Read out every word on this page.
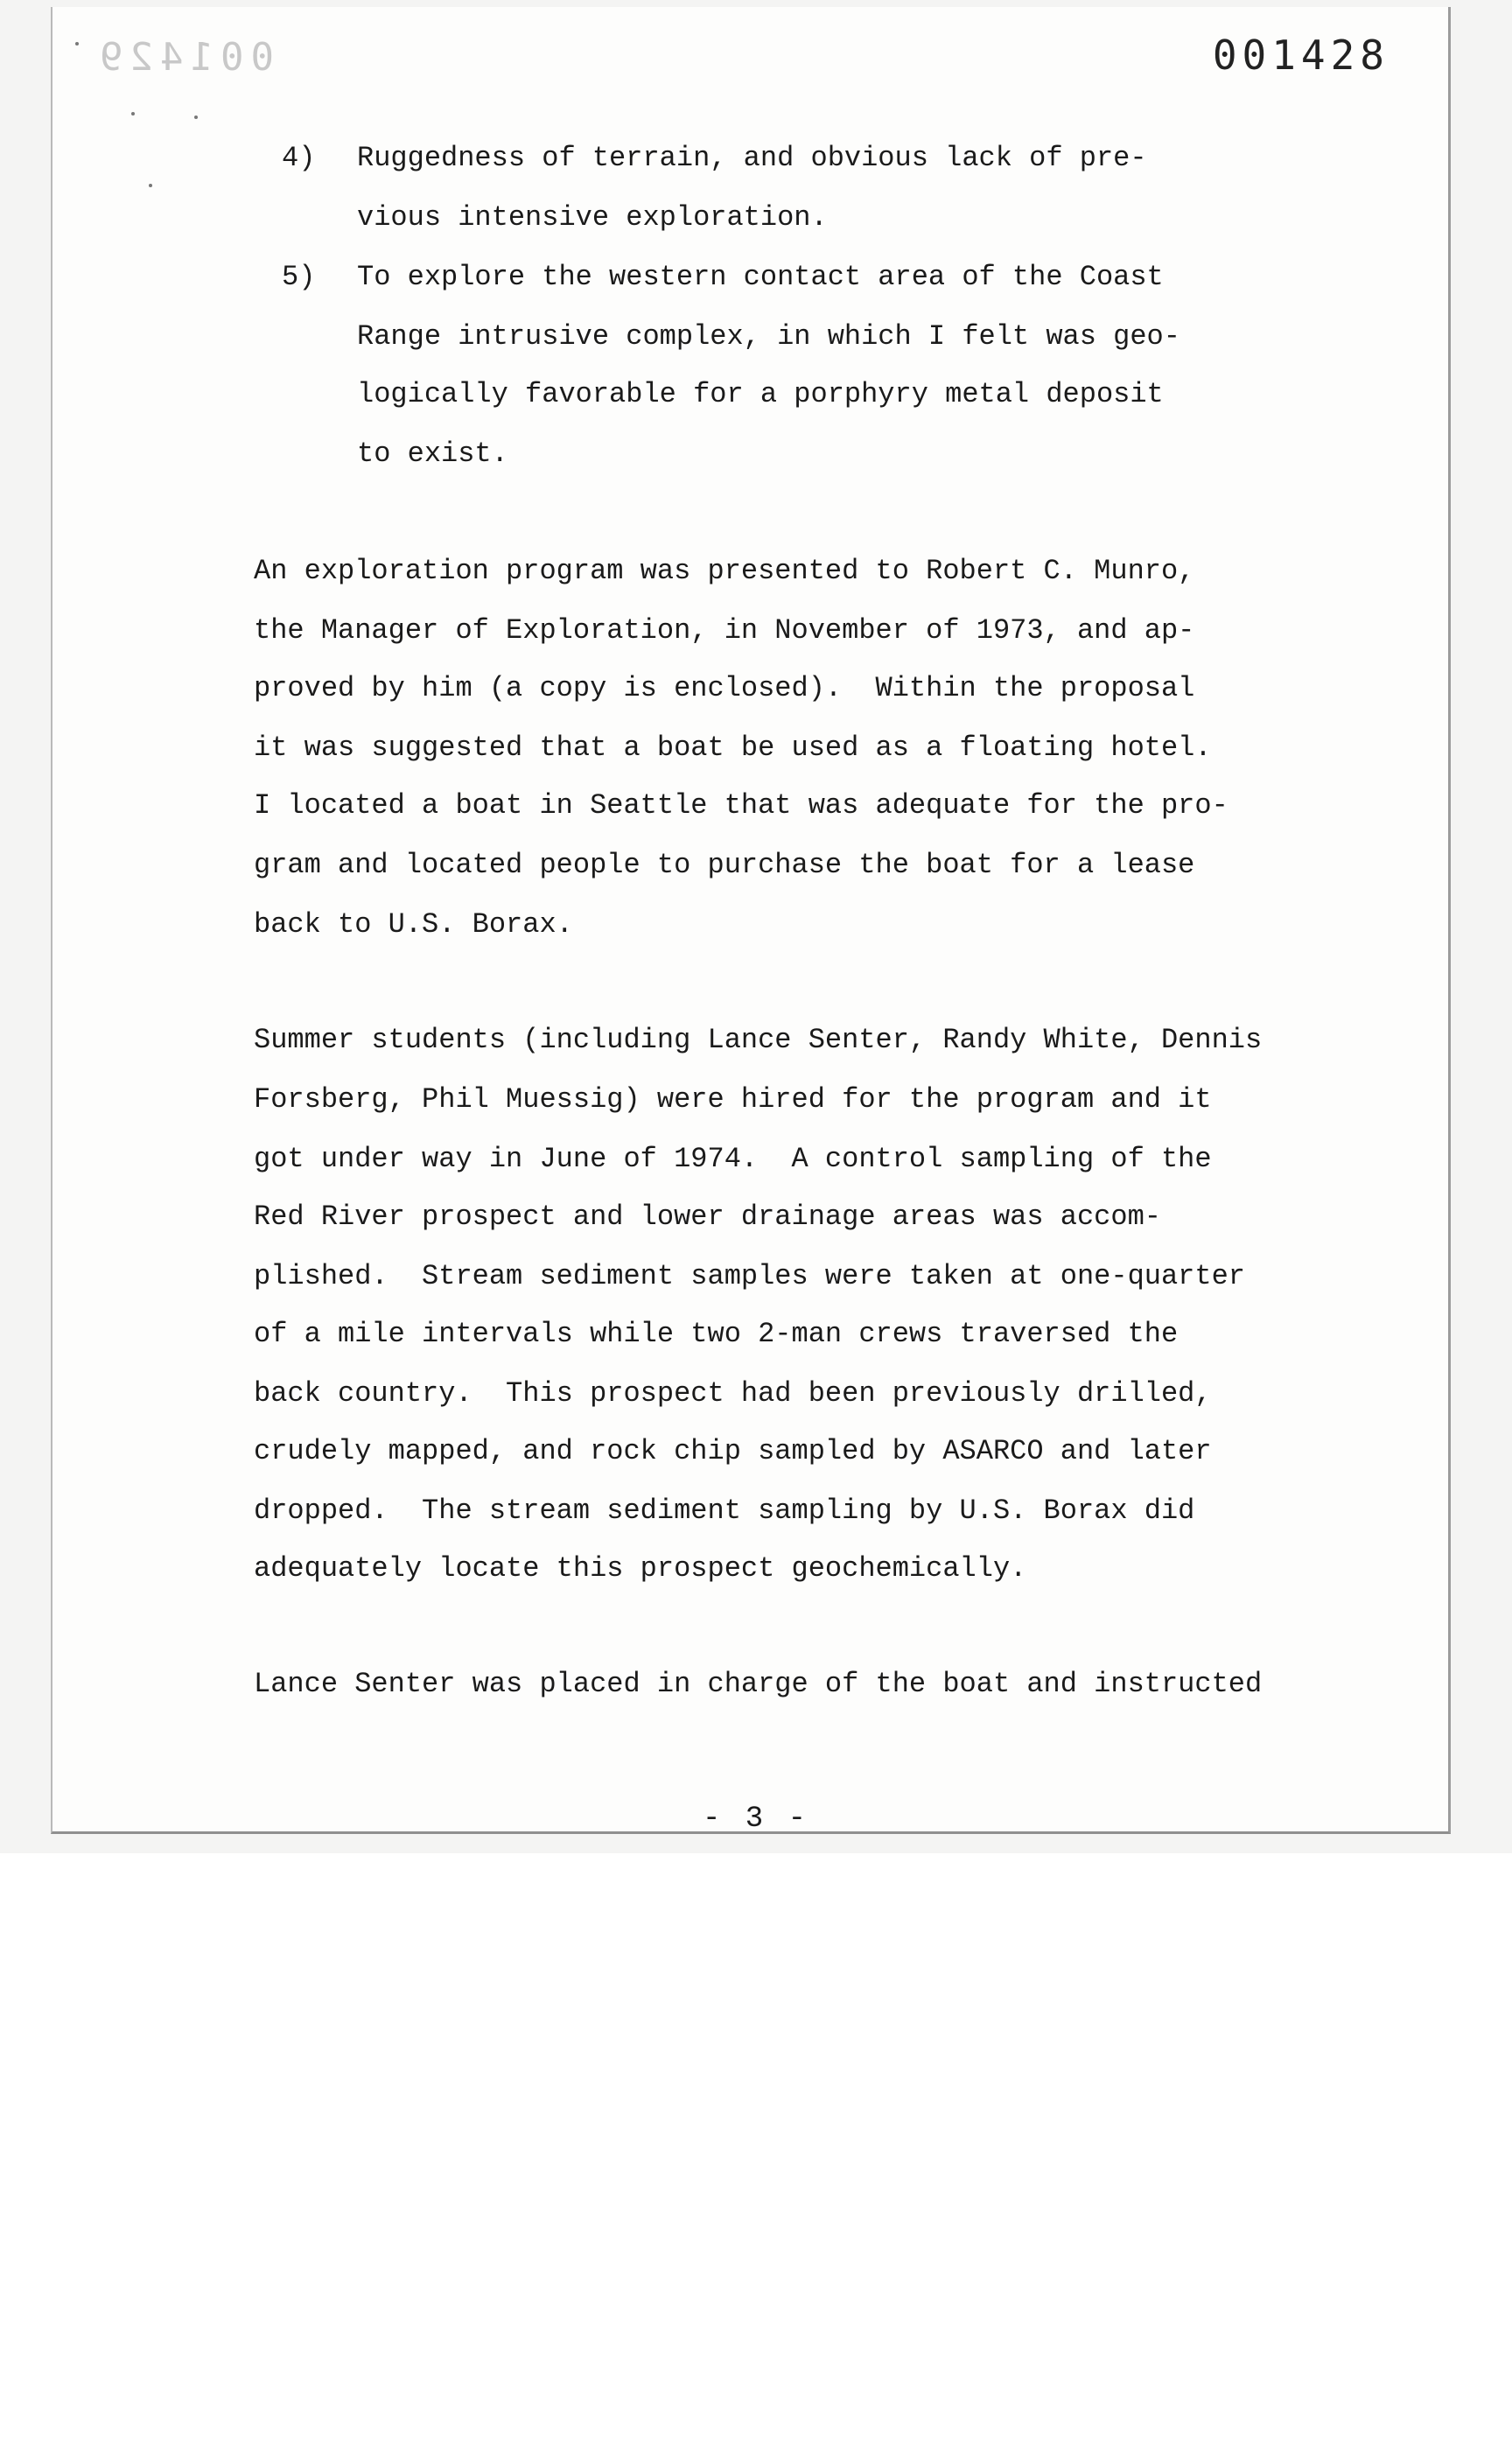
001429	001428
4) Ruggedness of terrain, and obvious lack of pre-
vious intensive exploration.
5) To explore the western contact area of the Coast
Range intrusive complex, in which I felt was geo-
logically favorable for a porphyry metal deposit
to exist.
An exploration program was presented to Robert C. Munro,
the Manager of Exploration, in November of 1973, and ap-
proved by him (a copy is enclosed).  Within the proposal
it was suggested that a boat be used as a floating hotel.
I located a boat in Seattle that was adequate for the pro-
gram and located people to purchase the boat for a lease
back to U.S. Borax.
Summer students (including Lance Senter, Randy White, Dennis
Forsberg, Phil Muessig) were hired for the program and it
got under way in June of 1974.  A control sampling of the
Red River prospect and lower drainage areas was accom-
plished.  Stream sediment samples were taken at one-quarter
of a mile intervals while two 2-man crews traversed the
back country.  This prospect had been previously drilled,
crudely mapped, and rock chip sampled by ASARCO and later
dropped.  The stream sediment sampling by U.S. Borax did
adequately locate this prospect geochemically.
Lance Senter was placed in charge of the boat and instructed
- 3 -
